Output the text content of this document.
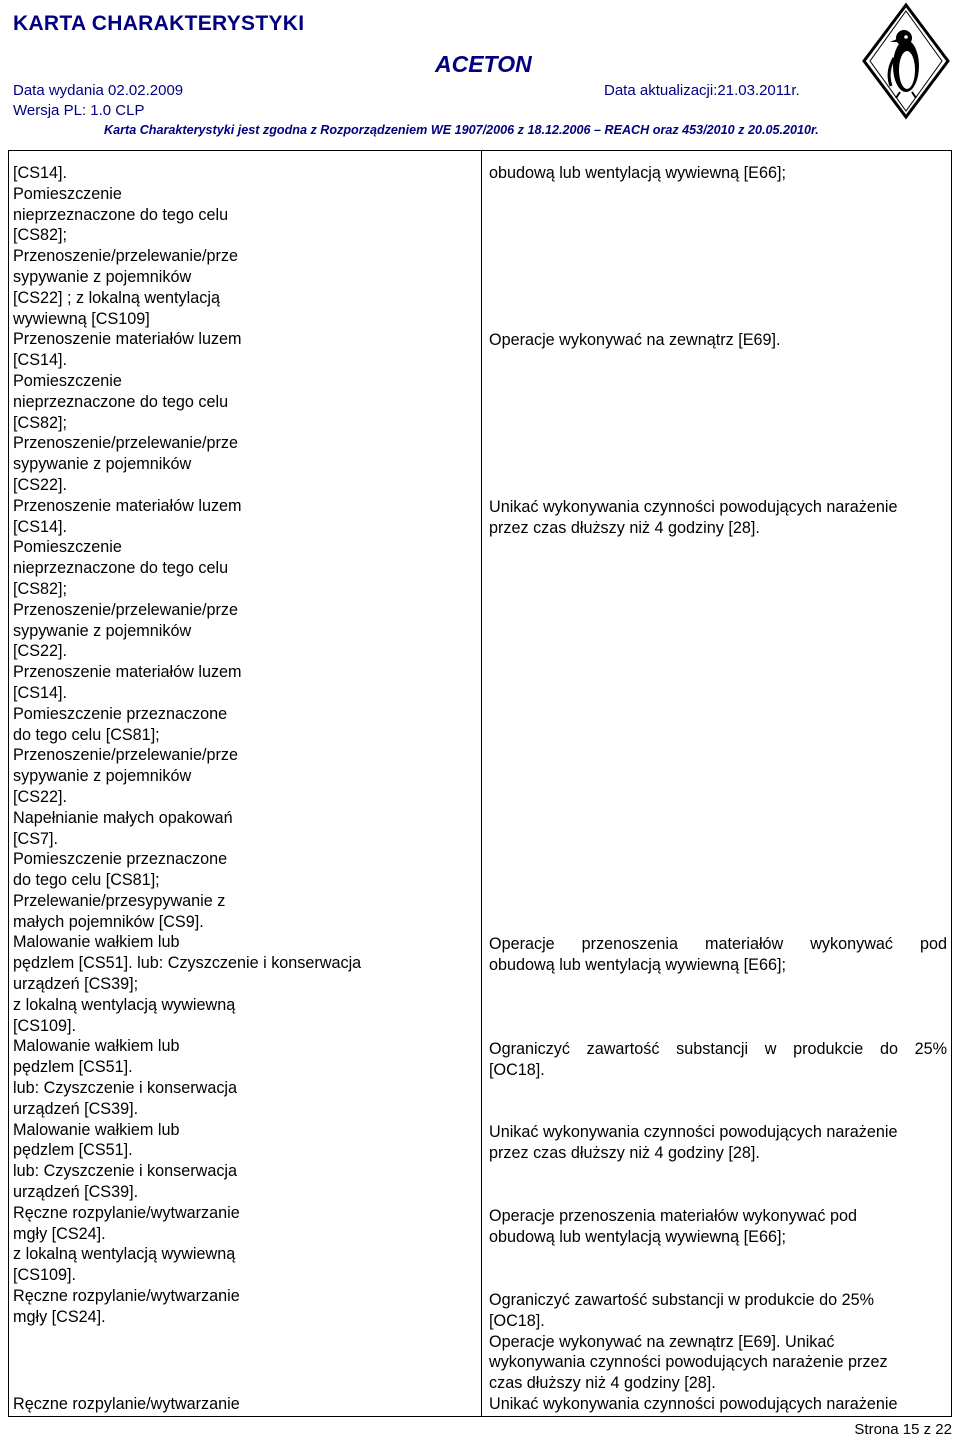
KARTA CHARAKTERYSTYKI
ACETON
Data wydania 02.02.2009	Data aktualizacji:21.03.2011r.
Wersja PL: 1.0 CLP
Karta Charakterystyki jest zgodna z Rozporządzeniem WE 1907/2006 z 18.12.2006 – REACH oraz 453/2010 z 20.05.2010r.
[CS14].
Pomieszczenie
nieprzeznaczone do tego celu
[CS82];
Przenoszenie/przelewanie/prze
sypywanie z pojemników
[CS22] ; z lokalną wentylacją
wywiewną [CS109]
Przenoszenie materiałów luzem
[CS14].
Pomieszczenie
nieprzeznaczone do tego celu
[CS82];
Przenoszenie/przelewanie/prze
sypywanie z pojemników
[CS22].
Przenoszenie materiałów luzem
[CS14].
Pomieszczenie
nieprzeznaczone do tego celu
[CS82];
Przenoszenie/przelewanie/prze
sypywanie z pojemników
[CS22].
Przenoszenie materiałów luzem
[CS14].
Pomieszczenie przeznaczone
do tego celu [CS81];
Przenoszenie/przelewanie/prze
sypywanie z pojemników
[CS22].
Napełnianie małych opakowań
[CS7].
Pomieszczenie przeznaczone
do tego celu [CS81];
Przelewanie/przesypywanie z
małych pojemników [CS9].
Malowanie wałkiem lub
pędzlem [CS51]. lub: Czyszczenie i konserwacja
urządzeń [CS39];
z lokalną wentylacją wywiewną
[CS109].
Malowanie wałkiem lub
pędzlem [CS51].
lub: Czyszczenie i konserwacja
urządzeń [CS39].
Malowanie wałkiem lub
pędzlem [CS51].
lub: Czyszczenie i konserwacja
urządzeń [CS39].
Ręczne rozpylanie/wytwarzanie
mgły [CS24].
z lokalną wentylacją wywiewną
[CS109].
Ręczne rozpylanie/wytwarzanie
mgły [CS24].
Ręczne rozpylanie/wytwarzanie
obudową lub wentylacją wywiewną [E66];
Operacje wykonywać na zewnątrz [E69].
Unikać wykonywania czynności powodujących narażenie
przez czas dłuższy niż 4 godziny [28].
Operacje przenoszenia materiałów wykonywać pod
obudową lub wentylacją wywiewną [E66];
Ograniczyć zawartość substancji w produkcie do 25%
[OC18].
Unikać wykonywania czynności powodujących narażenie
przez czas dłuższy niż 4 godziny [28].
Operacje przenoszenia materiałów wykonywać pod
obudową lub wentylacją wywiewną [E66];
Ograniczyć zawartość substancji w produkcie do 25%
[OC18].
Operacje wykonywać na zewnątrz [E69]. Unikać
wykonywania czynności powodujących narażenie przez
czas dłuższy niż 4 godziny [28].
Unikać wykonywania czynności powodujących narażenie
Strona 15 z 22
